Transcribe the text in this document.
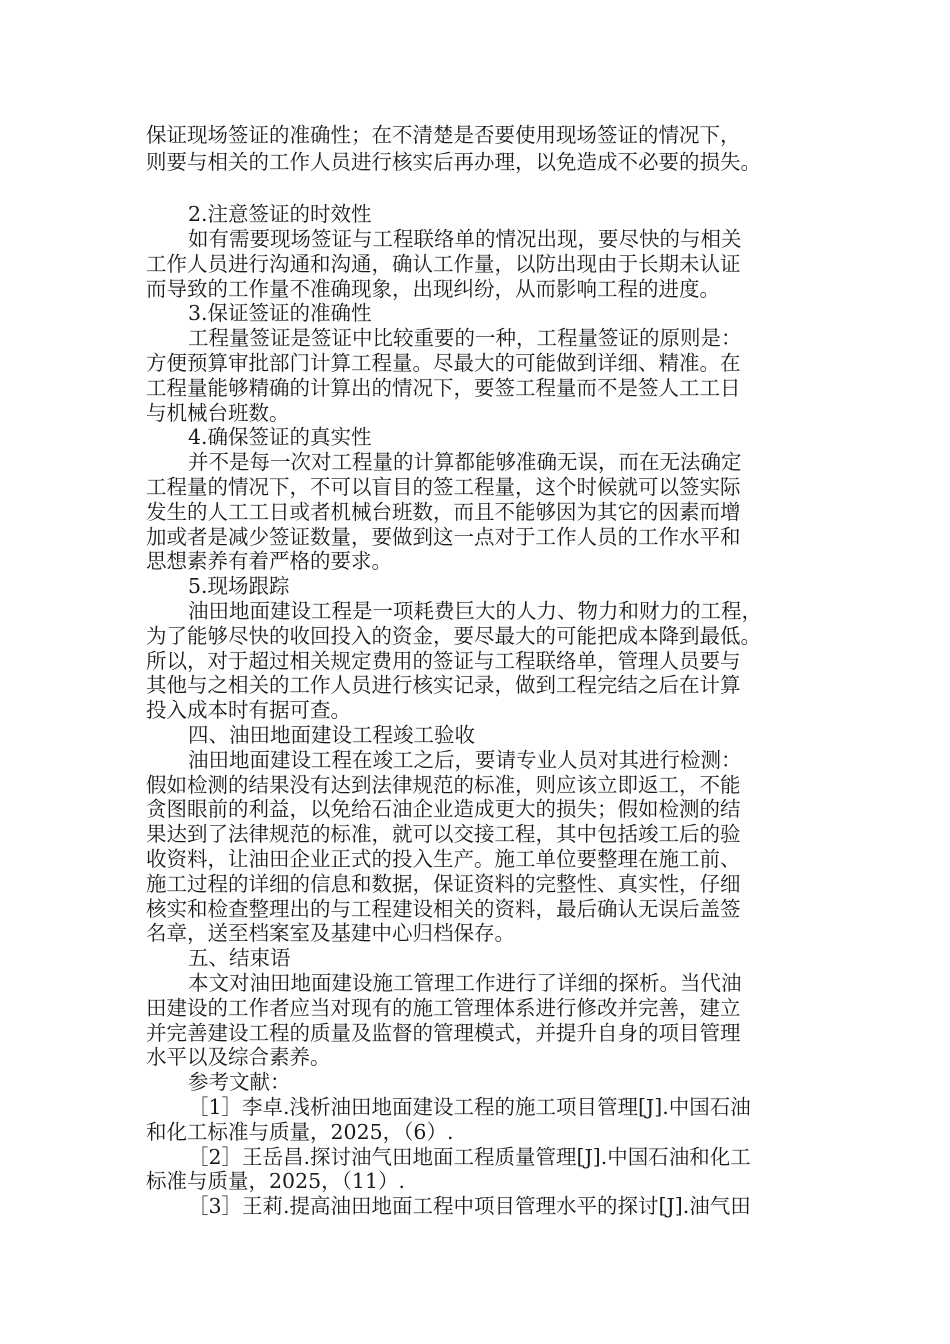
保证现场签证的准确性；在不清楚是否要使用现场签证的情况下，
则要与相关的工作人员进行核实后再办理，以免造成不必要的损失。
2.注意签证的时效性
如有需要现场签证与工程联络单的情况出现，要尽快的与相关
工作人员进行沟通和沟通，确认工作量，以防出现由于长期未认证
而导致的工作量不准确现象，出现纠纷，从而影响工程的进度。
3.保证签证的准确性
工程量签证是签证中比较重要的一种，工程量签证的原则是：
方便预算审批部门计算工程量。尽最大的可能做到详细、精准。在
工程量能够精确的计算出的情况下，要签工程量而不是签人工工日
与机械台班数。
4.确保签证的真实性
并不是每一次对工程量的计算都能够准确无误，而在无法确定
工程量的情况下，不可以盲目的签工程量，这个时候就可以签实际
发生的人工工日或者机械台班数，而且不能够因为其它的因素而增
加或者是减少签证数量，要做到这一点对于工作人员的工作水平和
思想素养有着严格的要求。
5.现场跟踪
油田地面建设工程是一项耗费巨大的人力、物力和财力的工程，
为了能够尽快的收回投入的资金，要尽最大的可能把成本降到最低。
所以，对于超过相关规定费用的签证与工程联络单，管理人员要与
其他与之相关的工作人员进行核实记录，做到工程完结之后在计算
投入成本时有据可查。
四、油田地面建设工程竣工验收
油田地面建设工程在竣工之后，要请专业人员对其进行检测：
假如检测的结果没有达到法律规范的标准，则应该立即返工，不能
贪图眼前的利益，以免给石油企业造成更大的损失；假如检测的结
果达到了法律规范的标准，就可以交接工程，其中包括竣工后的验
收资料，让油田企业正式的投入生产。施工单位要整理在施工前、
施工过程的详细的信息和数据，保证资料的完整性、真实性，仔细
核实和检查整理出的与工程建设相关的资料，最后确认无误后盖签
名章，送至档案室及基建中心归档保存。
五、结束语
本文对油田地面建设施工管理工作进行了详细的探析。当代油
田建设的工作者应当对现有的施工管理体系进行修改并完善，建立
并完善建设工程的质量及监督的管理模式，并提升自身的项目管理
水平以及综合素养。
参考文献：
［1］李卓.浅析油田地面建设工程的施工项目管理[J].中国石油
和化工标准与质量，2025，（6）.
［2］王岳昌.探讨油气田地面工程质量管理[J].中国石油和化工
标准与质量，2025，（11）.
［3］王莉.提高油田地面工程中项目管理水平的探讨[J].油气田
